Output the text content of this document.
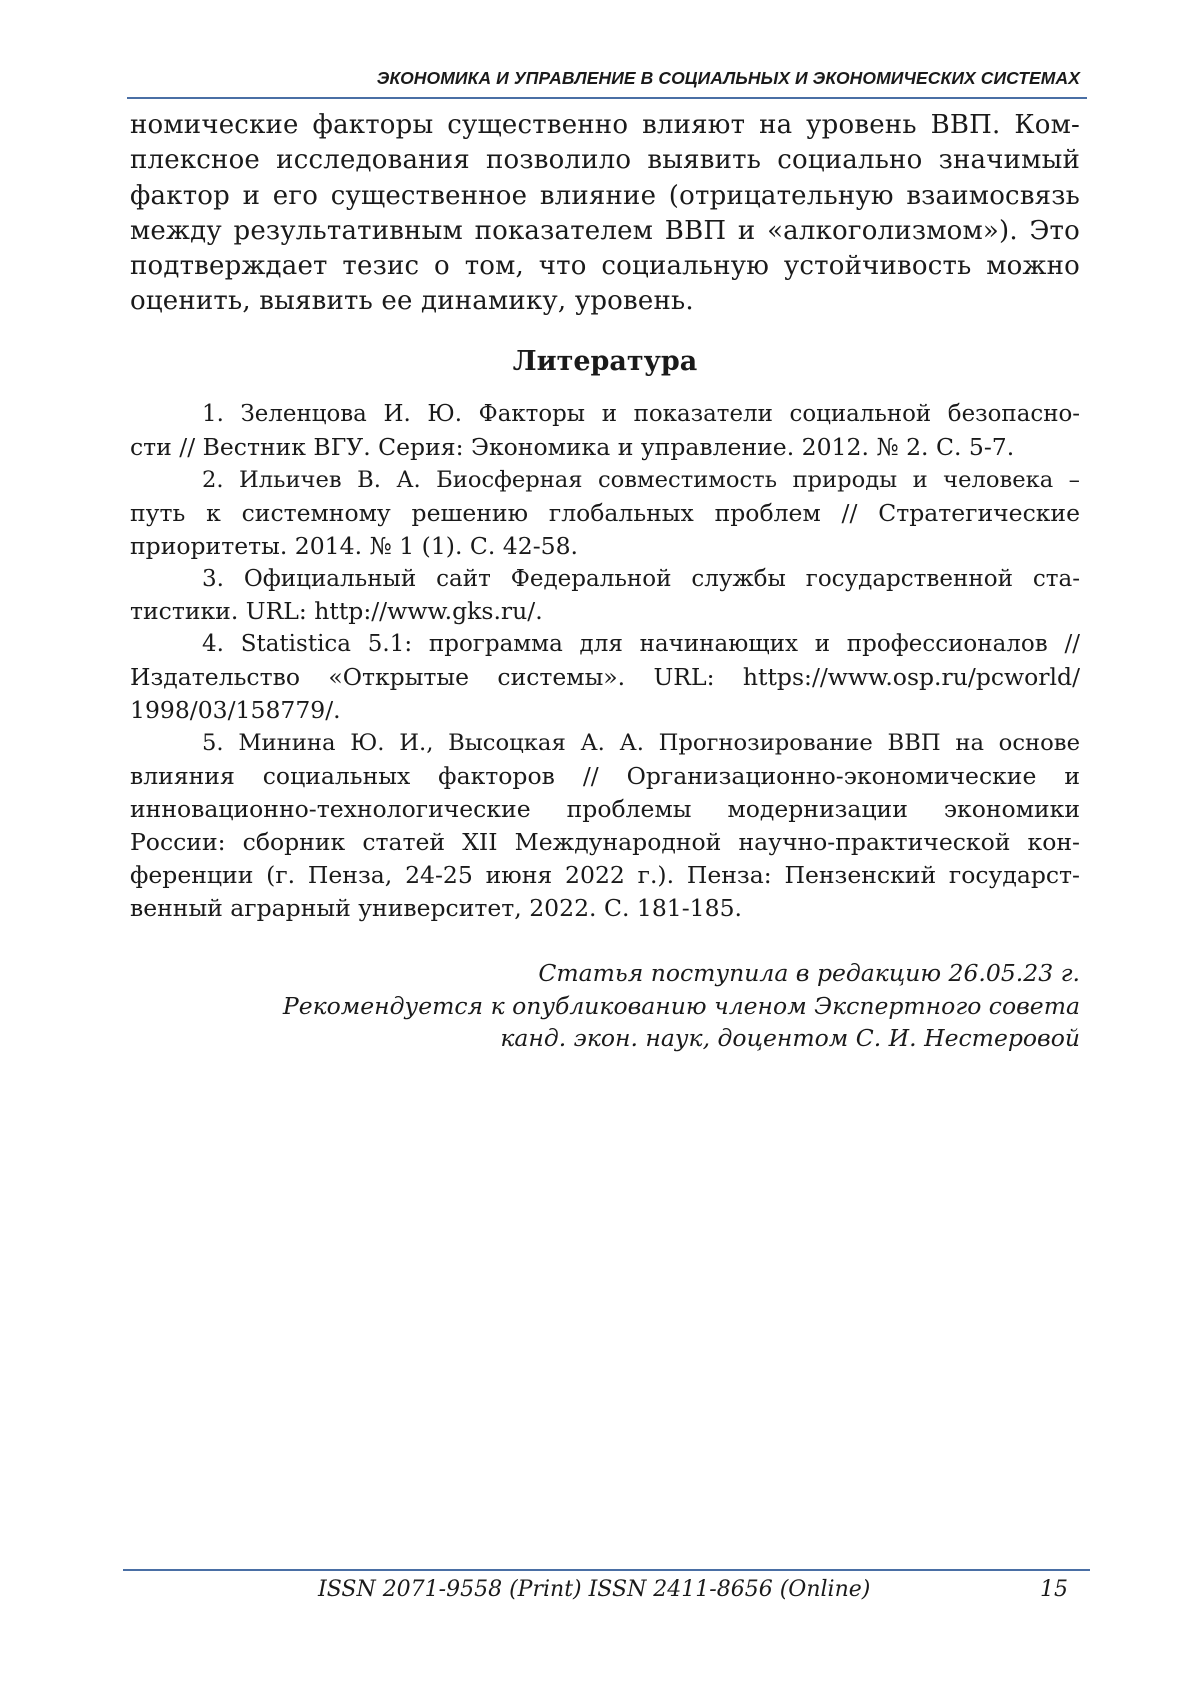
ЭКОНОМИКА И УПРАВЛЕНИЕ В СОЦИАЛЬНЫХ И ЭКОНОМИЧЕСКИХ СИСТЕМАХ
номические факторы существенно влияют на уровень ВВП. Ком-
плексное исследования позволило выявить социально значимый
фактор и его существенное влияние (отрицательную взаимосвязь
между результативным показателем ВВП и «алкоголизмом»). Это
подтверждает тезис о том, что социальную устойчивость можно
оценить, выявить ее динамику, уровень.
Литература
1. Зеленцова И. Ю. Факторы и показатели социальной безопасно-
сти // Вестник ВГУ. Серия: Экономика и управление. 2012. № 2. С. 5-7.
2. Ильичев В. А. Биосферная совместимость природы и человека –
путь к системному решению глобальных проблем // Стратегические
приоритеты. 2014. № 1 (1). С. 42-58.
3. Официальный сайт Федеральной службы государственной ста-
тистики. URL: http://www.gks.ru/.
4. Statistica 5.1: программа для начинающих и профессионалов //
Издательство «Открытые системы». URL: https://www.osp.ru/pcworld/
1998/03/158779/.
5. Минина Ю. И., Высоцкая А. А. Прогнозирование ВВП на основе
влияния социальных факторов // Организационно-экономические и
инновационно-технологические проблемы модернизации экономики
России: сборник статей XII Международной научно-практической кон-
ференции (г. Пенза, 24-25 июня 2022 г.). Пенза: Пензенский государст-
венный аграрный университет, 2022. С. 181-185.
Статья поступила в редакцию 26.05.23 г.
Рекомендуется к опубликованию членом Экспертного совета
канд. экон. наук, доцентом С. И. Нестеровой
ISSN 2071-9558 (Print) ISSN 2411-8656 (Online)	15
